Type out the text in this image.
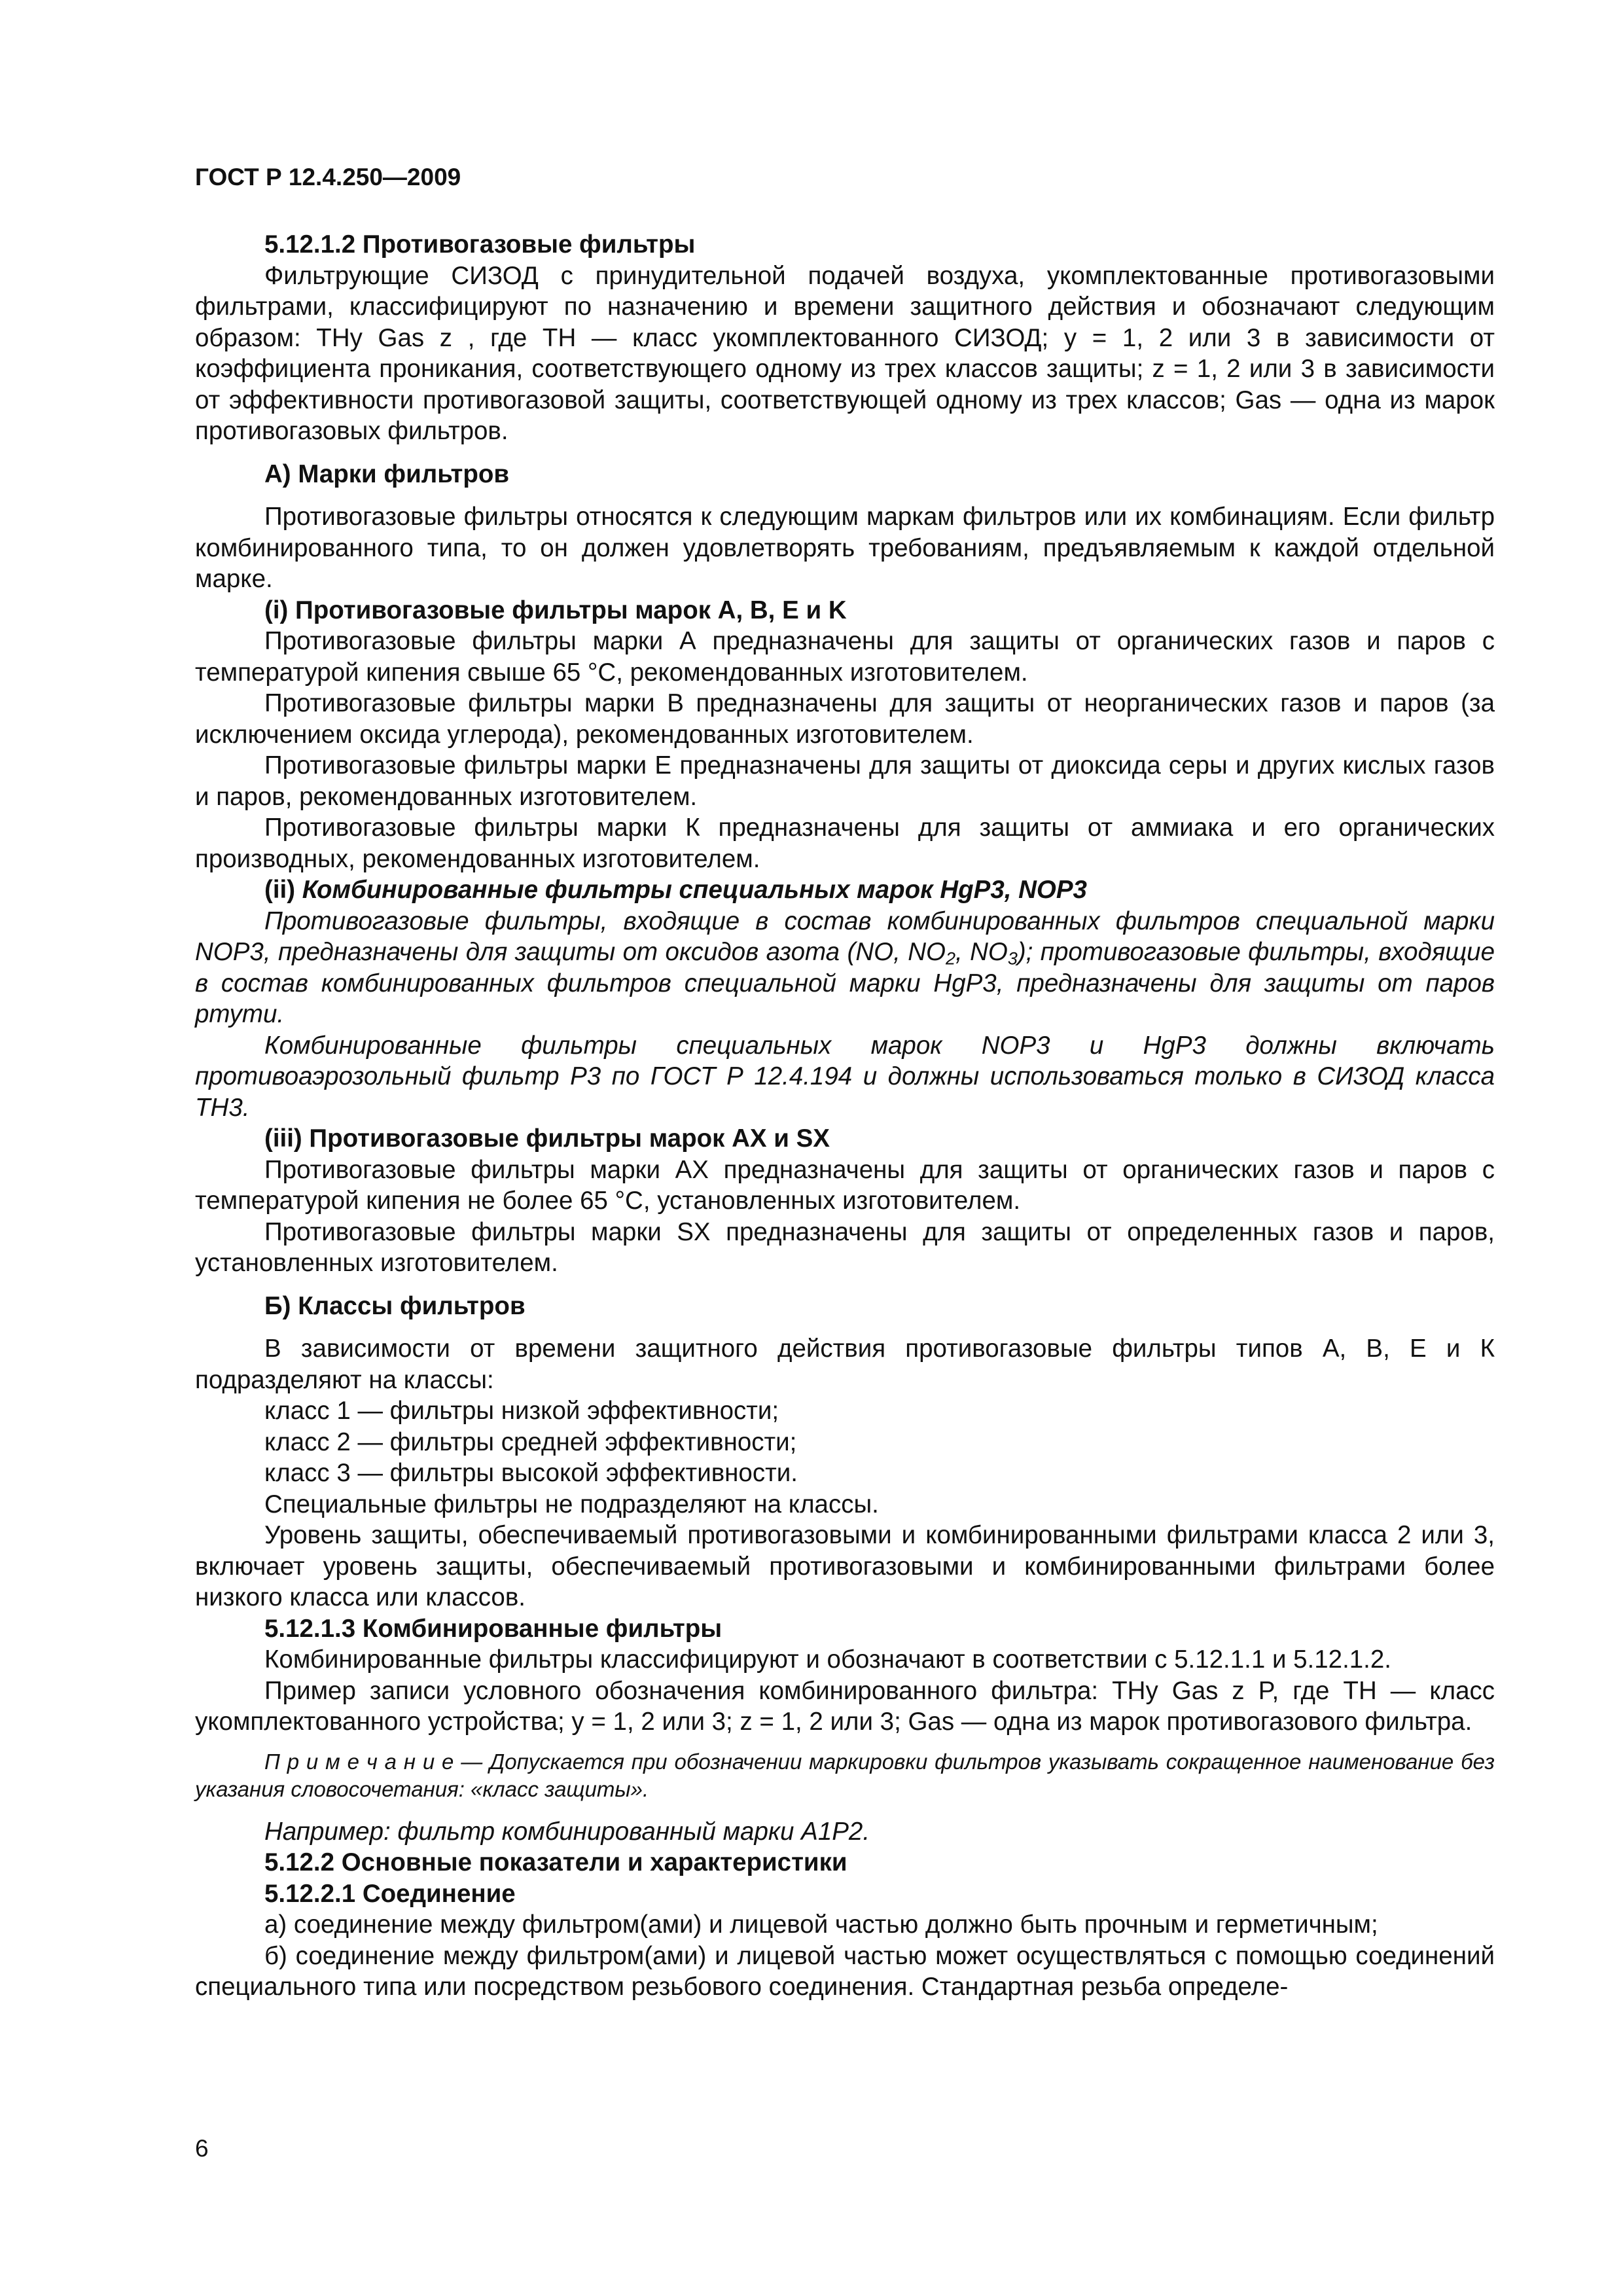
ГОСТ Р 12.4.250—2009

5.12.1.2 Противогазовые фильтры

Фильтрующие СИЗОД с принудительной подачей воздуха, укомплектованные противогазовыми фильтрами, классифицируют по назначению и времени защитного действия и обозначают следующим образом: THy Gas z , где TH — класс укомплектованного СИЗОД; y = 1, 2 или 3 в зависимости от коэффициента проникания, соответствующего одному из трех классов защиты; z = 1, 2 или 3 в зависимости от эффективности противогазовой защиты, соответствующей одному из трех классов; Gas — одна из марок противогазовых фильтров.

А) Марки фильтров

Противогазовые фильтры относятся к следующим маркам фильтров или их комбинациям. Если фильтр комбинированного типа, то он должен удовлетворять требованиям, предъявляемым к каждой отдельной марке.

(i) Противогазовые фильтры марок A, B, E и K

Противогазовые фильтры марки А предназначены для защиты от органических газов и паров с температурой кипения свыше 65 °С, рекомендованных изготовителем.

Противогазовые фильтры марки В предназначены для защиты от неорганических газов и паров (за исключением оксида углерода), рекомендованных изготовителем.

Противогазовые фильтры марки Е предназначены для защиты от диоксида серы и других кислых газов и паров, рекомендованных изготовителем.

Противогазовые фильтры марки К предназначены для защиты от аммиака и его органических производных, рекомендованных изготовителем.

(ii) Комбинированные фильтры специальных марок HgP3, NOP3

Противогазовые фильтры, входящие в состав комбинированных фильтров специальной марки NOP3, предназначены для защиты от оксидов азота (NO, $NO_2$, $NO_3$); противогазовые фильтры, входящие в состав комбинированных фильтров специальной марки HgP3, предназначены для защиты от паров ртути.

Комбинированные фильтры специальных марок NOP3 и HgP3 должны включать противоаэрозольный фильтр Р3 по ГОСТ Р 12.4.194 и должны использоваться только в СИЗОД класса ТН3.

(iii) Противогазовые фильтры марок AX и SX

Противогазовые фильтры марки АХ предназначены для защиты от органических газов и паров с температурой кипения не более 65 °С, установленных изготовителем.

Противогазовые фильтры марки SX предназначены для защиты от определенных газов и паров, установленных изготовителем.

Б) Классы фильтров

В зависимости от времени защитного действия противогазовые фильтры типов А, В, Е и К подразделяют на классы:

класс 1 — фильтры низкой эффективности;

класс 2 — фильтры средней эффективности;

класс 3 — фильтры высокой эффективности.

Специальные фильтры не подразделяют на классы.

Уровень защиты, обеспечиваемый противогазовыми и комбинированными фильтрами класса 2 или 3, включает уровень защиты, обеспечиваемый противогазовыми и комбинированными фильтрами более низкого класса или классов.

5.12.1.3 Комбинированные фильтры

Комбинированные фильтры классифицируют и обозначают в соответствии с 5.12.1.1 и 5.12.1.2.

Пример записи условного обозначения комбинированного фильтра: THy Gas z P, где TH — класс укомплектованного устройства; y = 1, 2 или 3; z = 1, 2 или 3; Gas — одна из марок противогазового фильтра.

П р и м е ч а н и е — Допускается при обозначении маркировки фильтров указывать сокращенное наименование без указания словосочетания: «класс защиты».

Например: фильтр комбинированный марки А1Р2.

5.12.2 Основные показатели и характеристики

5.12.2.1 Соединение

а) соединение между фильтром(ами) и лицевой частью должно быть прочным и герметичным;

б) соединение между фильтром(ами) и лицевой частью может осуществляться с помощью соединений специального типа или посредством резьбового соединения. Стандартная резьба определе-

6
